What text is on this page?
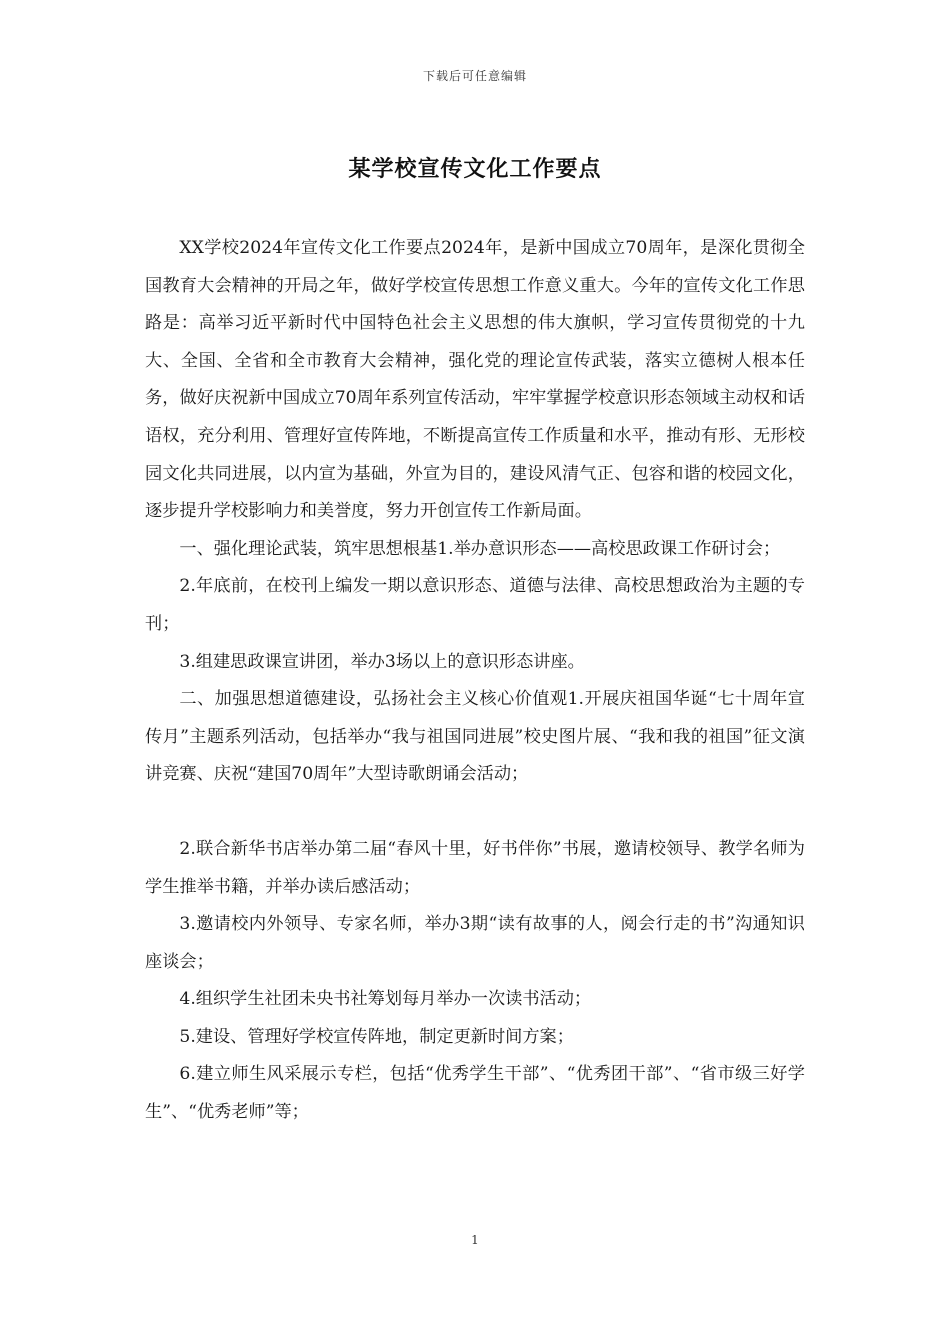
下载后可任意编辑
某学校宣传文化工作要点

XX学校2024年宣传文化工作要点2024年，是新中国成立70周年，是深化贯彻全国教育大会精神的开局之年，做好学校宣传思想工作意义重大。今年的宣传文化工作思路是：高举习近平新时代中国特色社会主义思想的伟大旗帜，学习宣传贯彻党的十九大、全国、全省和全市教育大会精神，强化党的理论宣传武装，落实立德树人根本任务，做好庆祝新中国成立70周年系列宣传活动，牢牢掌握学校意识形态领域主动权和话语权，充分利用、管理好宣传阵地，不断提高宣传工作质量和水平，推动有形、无形校园文化共同进展，以内宣为基础，外宣为目的，建设风清气正、包容和谐的校园文化，逐步提升学校影响力和美誉度，努力开创宣传工作新局面。

一、强化理论武装，筑牢思想根基1.举办意识形态——高校思政课工作研讨会；

2.年底前，在校刊上编发一期以意识形态、道德与法律、高校思想政治为主题的专刊；

3.组建思政课宣讲团，举办3场以上的意识形态讲座。

二、加强思想道德建设，弘扬社会主义核心价值观1.开展庆祖国华诞“七十周年宣传月”主题系列活动，包括举办“我与祖国同进展”校史图片展、“我和我的祖国”征文演讲竞赛、庆祝“建国70周年”大型诗歌朗诵会活动；

2.联合新华书店举办第二届“春风十里，好书伴你”书展，邀请校领导、教学名师为学生推举书籍，并举办读后感活动；

3.邀请校内外领导、专家名师，举办3期“读有故事的人，阅会行走的书”沟通知识座谈会；

4.组织学生社团未央书社筹划每月举办一次读书活动；

5.建设、管理好学校宣传阵地，制定更新时间方案；

6.建立师生风采展示专栏，包括“优秀学生干部”、“优秀团干部”、“省市级三好学生”、“优秀老师”等；

1
